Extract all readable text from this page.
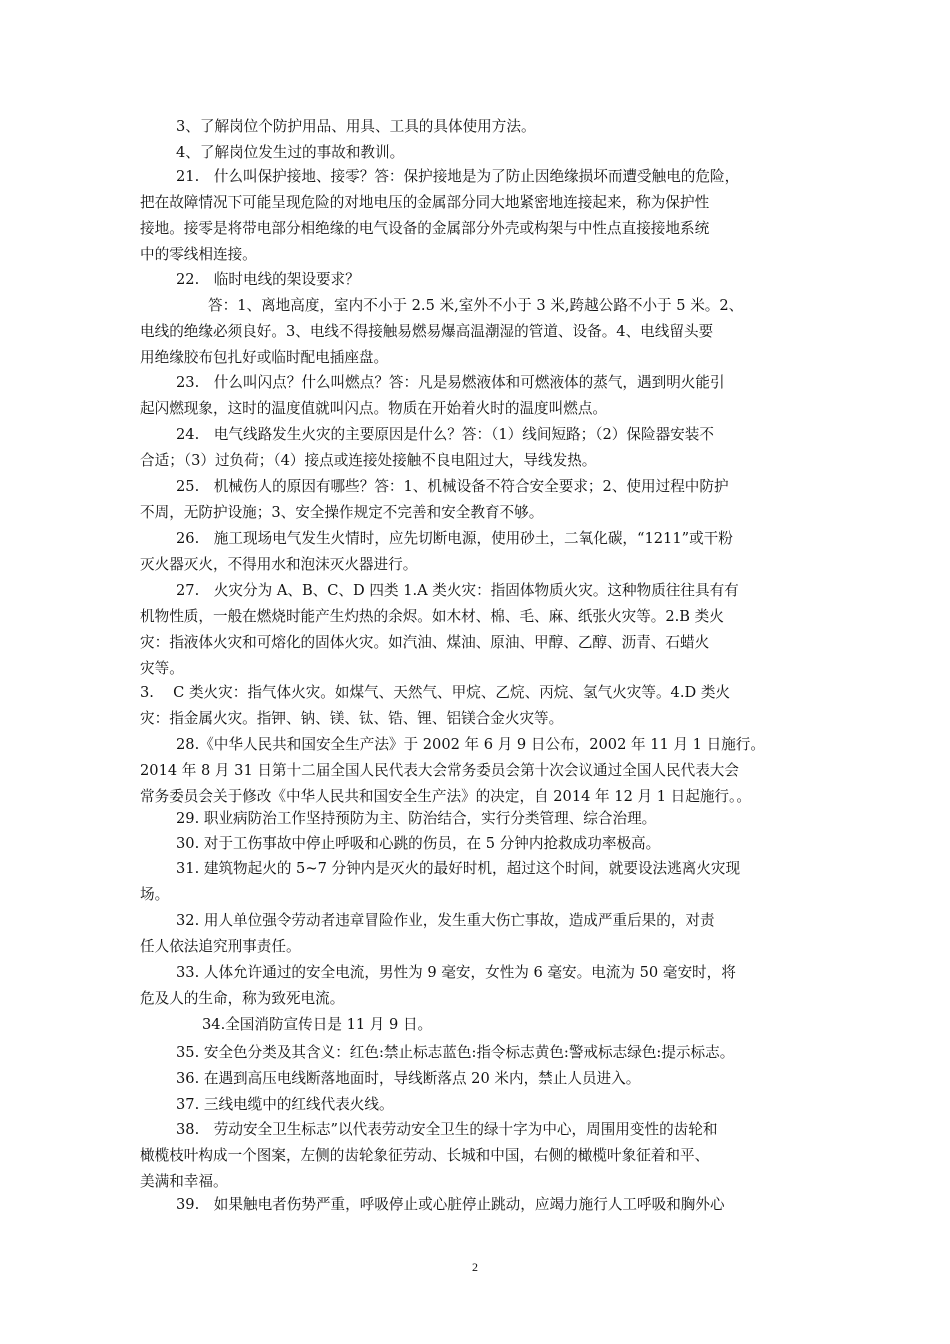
3、了解岗位个防护用品、用具、工具的具体使用方法。
4、了解岗位发生过的事故和教训。
21.　什么叫保护接地、接零？答：保护接地是为了防止因绝缘损坏而遭受触电的危险，
把在故障情况下可能呈现危险的对地电压的金属部分同大地紧密地连接起来，称为保护性
接地。接零是将带电部分相绝缘的电气设备的金属部分外壳或构架与中性点直接接地系统
中的零线相连接。
22.　临时电线的架设要求？
答：1、离地高度，室内不小于 2.5 米,室外不小于 3 米,跨越公路不小于 5 米。2、
电线的绝缘必须良好。3、电线不得接触易燃易爆高温潮湿的管道、设备。4、电线留头要
用绝缘胶布包扎好或临时配电插座盘。
23.　什么叫闪点？什么叫燃点？答：凡是易燃液体和可燃液体的蒸气，遇到明火能引
起闪燃现象，这时的温度值就叫闪点。物质在开始着火时的温度叫燃点。
24.　电气线路发生火灾的主要原因是什么？答：（1）线间短路；（2）保险器安装不
合适；（3）过负荷；（4）接点或连接处接触不良电阻过大，导线发热。
25.　机械伤人的原因有哪些？答：1、机械设备不符合安全要求；2、使用过程中防护
不周，无防护设施；3、安全操作规定不完善和安全教育不够。
26.　施工现场电气发生火情时，应先切断电源，使用砂土，二氧化碳，“1211”或干粉
灭火器灭火，不得用水和泡沫灭火器进行。
27.　火灾分为 A、B、C、D 四类 1.A 类火灾：指固体物质火灾。这种物质往往具有有
机物性质，一般在燃烧时能产生灼热的余烬。如木材、棉、毛、麻、纸张火灾等。2.B 类火
灾：指液体火灾和可熔化的固体火灾。如汽油、煤油、原油、甲醇、乙醇、沥青、石蜡火
灾等。
3.　 C 类火灾：指气体火灾。如煤气、天然气、甲烷、乙烷、丙烷、氢气火灾等。4.D 类火
灾：指金属火灾。指钾、钠、镁、钛、锆、锂、铝镁合金火灾等。
28.《中华人民共和国安全生产法》于 2002 年 6 月 9 日公布，2002 年 11 月 1 日施行。
2014 年 8 月 31 日第十二届全国人民代表大会常务委员会第十次会议通过全国人民代表大会
常务委员会关于修改《中华人民共和国安全生产法》的决定，自 2014 年 12 月 1 日起施行。。
29. 职业病防治工作坚持预防为主、防治结合，实行分类管理、综合治理。
30. 对于工伤事故中停止呼吸和心跳的伤员，在 5 分钟内抢救成功率极高。
31. 建筑物起火的 5~7 分钟内是灭火的最好时机，超过这个时间，就要设法逃离火灾现
场。
32. 用人单位强令劳动者违章冒险作业，发生重大伤亡事故，造成严重后果的，对责
任人依法追究刑事责任。
33. 人体允许通过的安全电流，男性为 9 毫安，女性为 6 毫安。电流为 50 毫安时，将
危及人的生命，称为致死电流。
34.全国消防宣传日是 11 月 9 日。
35. 安全色分类及其含义：红色:禁止标志蓝色:指令标志黄色:警戒标志绿色:提示标志。
36. 在遇到高压电线断落地面时，导线断落点 20 米内，禁止人员进入。
37. 三线电缆中的红线代表火线。
38.　劳动安全卫生标志”以代表劳动安全卫生的绿十字为中心，周围用变性的齿轮和
橄榄枝叶构成一个图案，左侧的齿轮象征劳动、长城和中国，右侧的橄榄叶象征着和平、
美满和幸福。
39.　如果触电者伤势严重，呼吸停止或心脏停止跳动，应竭力施行人工呼吸和胸外心
2
